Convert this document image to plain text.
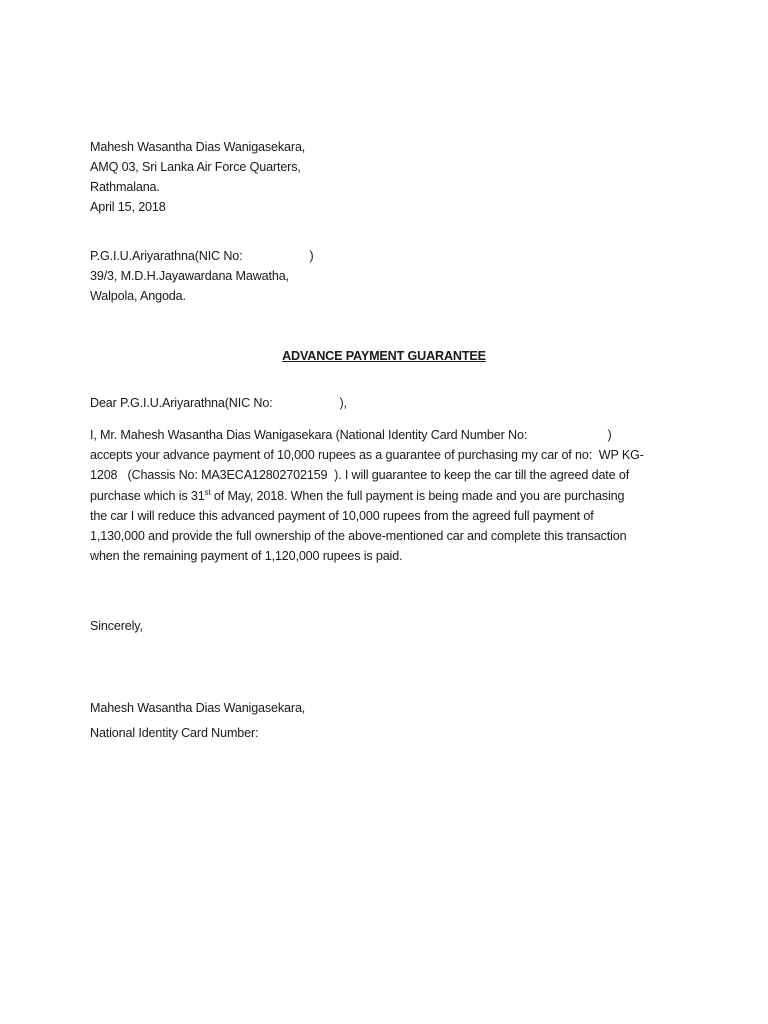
Mahesh Wasantha Dias Wanigasekara,
AMQ 03, Sri Lanka Air Force Quarters,
Rathmalana.
April 15, 2018
P.G.I.U.Ariyarathna(NIC No:                    )
39/3, M.D.H.Jayawardana Mawatha,
Walpola, Angoda.
ADVANCE PAYMENT GUARANTEE
Dear P.G.I.U.Ariyarathna(NIC No:                    ),
I, Mr. Mahesh Wasantha Dias Wanigasekara (National Identity Card Number No:                        )
accepts your advance payment of 10,000 rupees as a guarantee of purchasing my car of no:  WP KG-
1208   (Chassis No: MA3ECA12802702159  ). I will guarantee to keep the car till the agreed date of
purchase which is 31st of May, 2018. When the full payment is being made and you are purchasing
the car I will reduce this advanced payment of 10,000 rupees from the agreed full payment of
1,130,000 and provide the full ownership of the above-mentioned car and complete this transaction
when the remaining payment of 1,120,000 rupees is paid.
Sincerely,
Mahesh Wasantha Dias Wanigasekara,
National Identity Card Number:
